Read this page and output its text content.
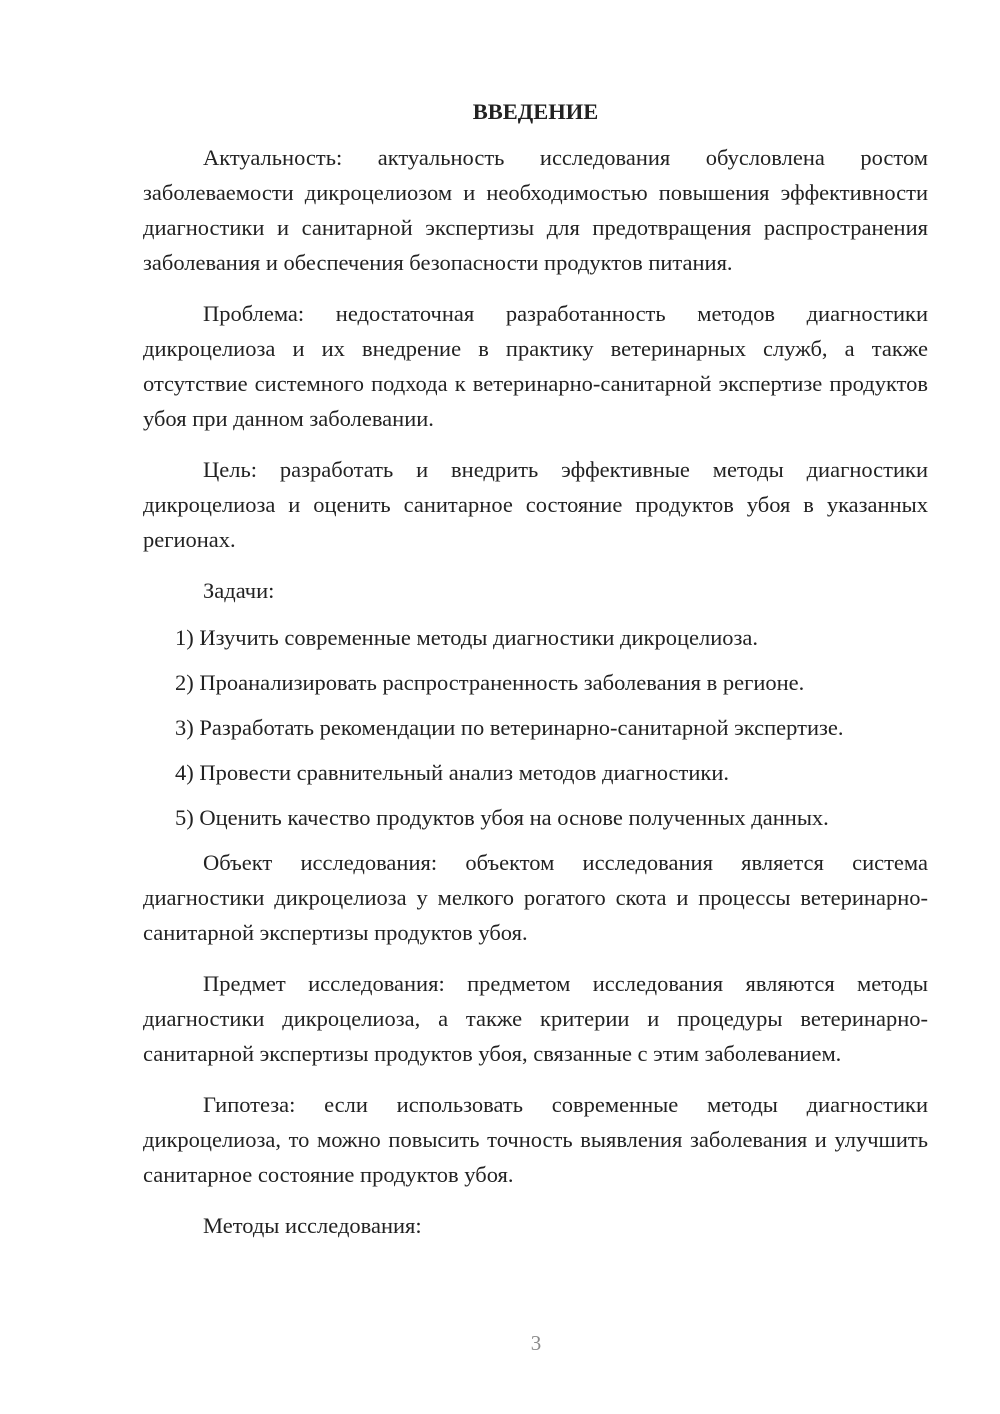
ВВЕДЕНИЕ

Актуальность: актуальность исследования обусловлена ростом заболеваемости дикроцелиозом и необходимостью повышения эффективности диагностики и санитарной экспертизы для предотвращения распространения заболевания и обеспечения безопасности продуктов питания.

Проблема: недостаточная разработанность методов диагностики дикроцелиоза и их внедрение в практику ветеринарных служб, а также отсутствие системного подхода к ветеринарно-санитарной экспертизе продуктов убоя при данном заболевании.

Цель: разработать и внедрить эффективные методы диагностики дикроцелиоза и оценить санитарное состояние продуктов убоя в указанных регионах.

Задачи:

1) Изучить современные методы диагностики дикроцелиоза.
2) Проанализировать распространенность заболевания в регионе.
3) Разработать рекомендации по ветеринарно-санитарной экспертизе.
4) Провести сравнительный анализ методов диагностики.
5) Оценить качество продуктов убоя на основе полученных данных.

Объект исследования: объектом исследования является система диагностики дикроцелиоза у мелкого рогатого скота и процессы ветеринарно-санитарной экспертизы продуктов убоя.

Предмет исследования: предметом исследования являются методы диагностики дикроцелиоза, а также критерии и процедуры ветеринарно-санитарной экспертизы продуктов убоя, связанные с этим заболеванием.

Гипотеза: если использовать современные методы диагностики дикроцелиоза, то можно повысить точность выявления заболевания и улучшить санитарное состояние продуктов убоя.

Методы исследования:

3
